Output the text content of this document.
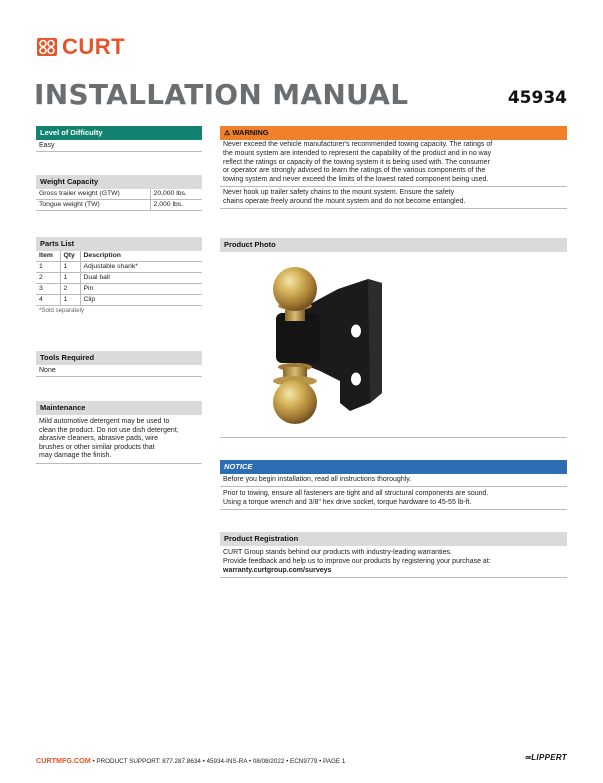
CURT
INSTALLATION MANUAL	45934
Level of Difficulty
Easy
Weight Capacity
Gross trailer weight (GTW)	20,000 lbs.
Tongue weight (TW)	2,000 lbs.
Parts List
Item	Qty	Description
1	1	Adjustable shank*
2	1	Dual ball
3	2	Pin
4	1	Clip
*Sold separately
Tools Required
None
Maintenance
Mild automotive detergent may be used to
clean the product. Do not use dish detergent,
abrasive cleaners, abrasive pads, wire
brushes or other similar products that
may damage the finish.
⚠ WARNING
Never exceed the vehicle manufacturer's recommended towing capacity. The ratings of
the mount system are intended to represent the capability of the product and in no way
reflect the ratings or capacity of the towing system it is being used with. The consumer
or operator are strongly advised to learn the ratings of the various components of the
towing system and never exceed the limits of the lowest rated component being used.
Never hook up trailer safety chains to the mount system. Ensure the safety
chains operate freely around the mount system and do not become entangled.
Product Photo
NOTICE
Before you begin installation, read all instructions thoroughly.
Prior to towing, ensure all fasteners are tight and all structural components are sound.
Using a torque wrench and 3/8" hex drive socket, torque hardware to 45-55 lb-ft.
Product Registration
CURT Group stands behind our products with industry-leading warranties.
Provide feedback and help us to improve our products by registering your purchase at:
warranty.curtgroup.com/surveys
CURTMFG.COM • PRODUCT SUPPORT: 877.287.8634 • 45934-INS-RA • 08/08/2022 • ECN9779 • PAGE 1	≃LIPPERT
